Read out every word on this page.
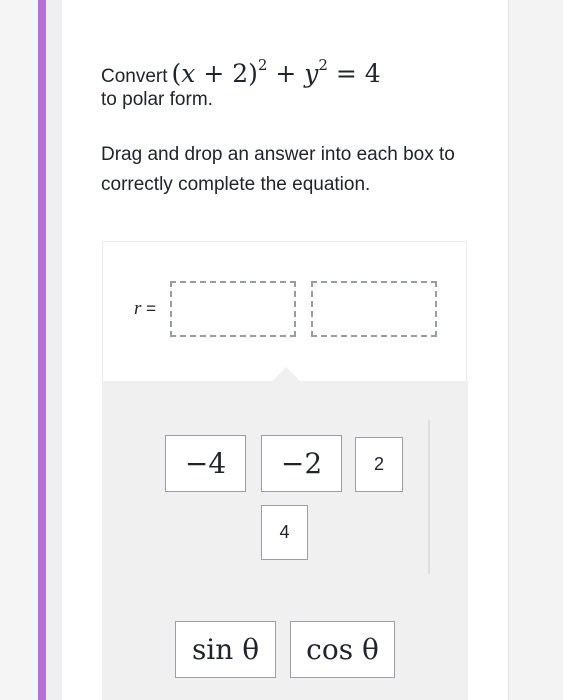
Convert $(x + 2)^2 + y^2 = 4$
to polar form.
Drag and drop an answer into each box to correctly complete the equation.
r =
−4	−2	2
4
sin θ	cos θ
